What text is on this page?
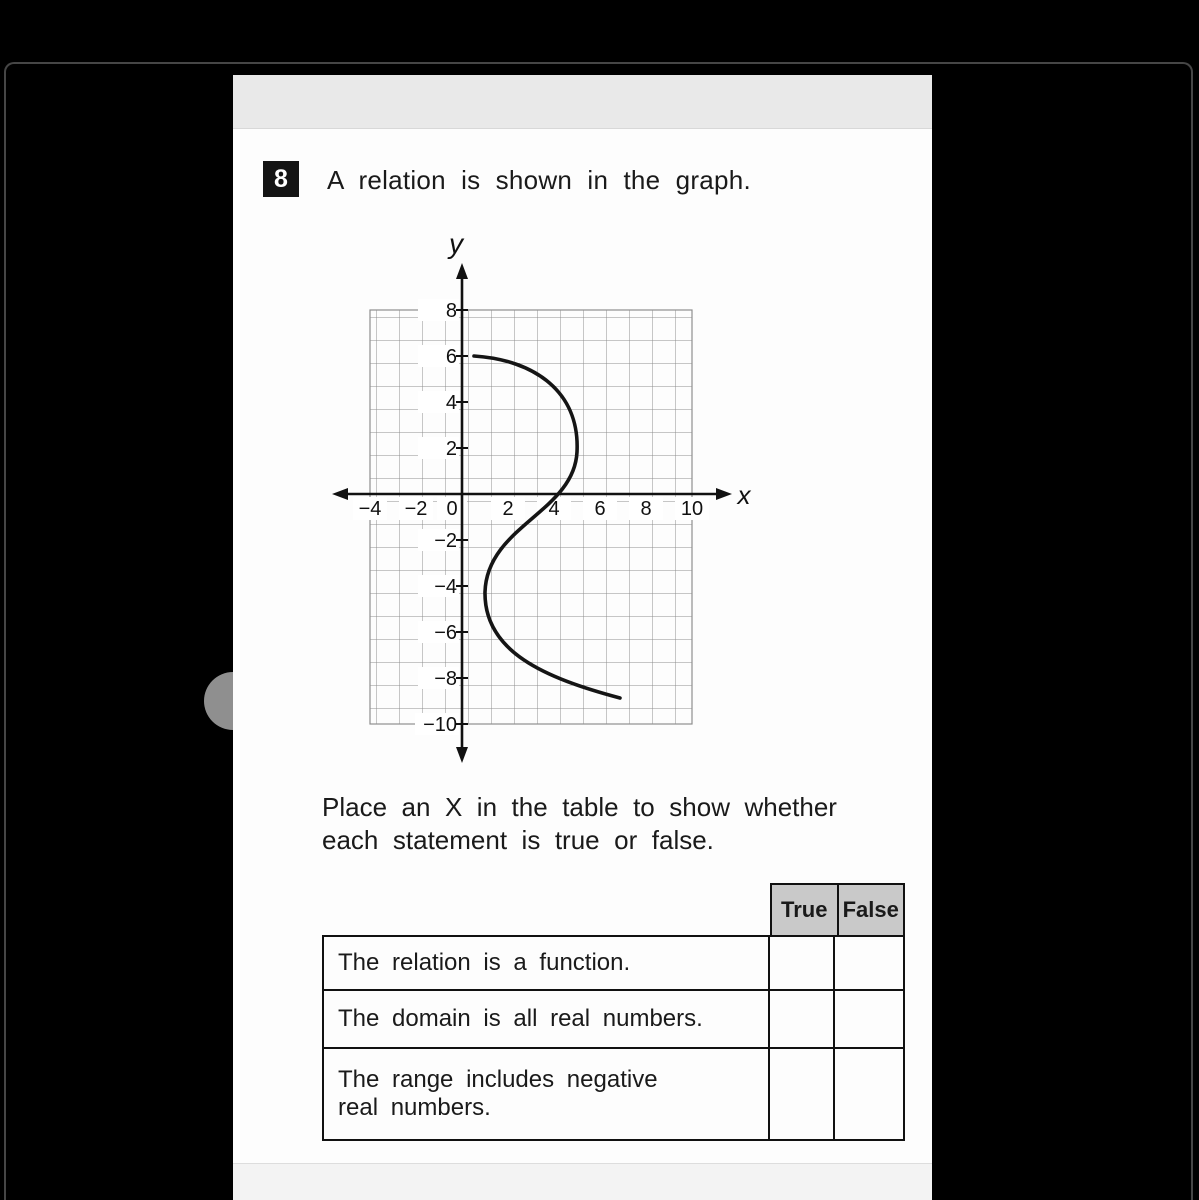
8	A relation is shown in the graph.
y
x
−4 −2 0 2 4 6 8 10
8
6
4
2
−2
−4
−6
−8
−10
Place an X in the table to show whether each statement is true or false.
True False
The relation is a function.
The domain is all real numbers.
The range includes negative real numbers.
